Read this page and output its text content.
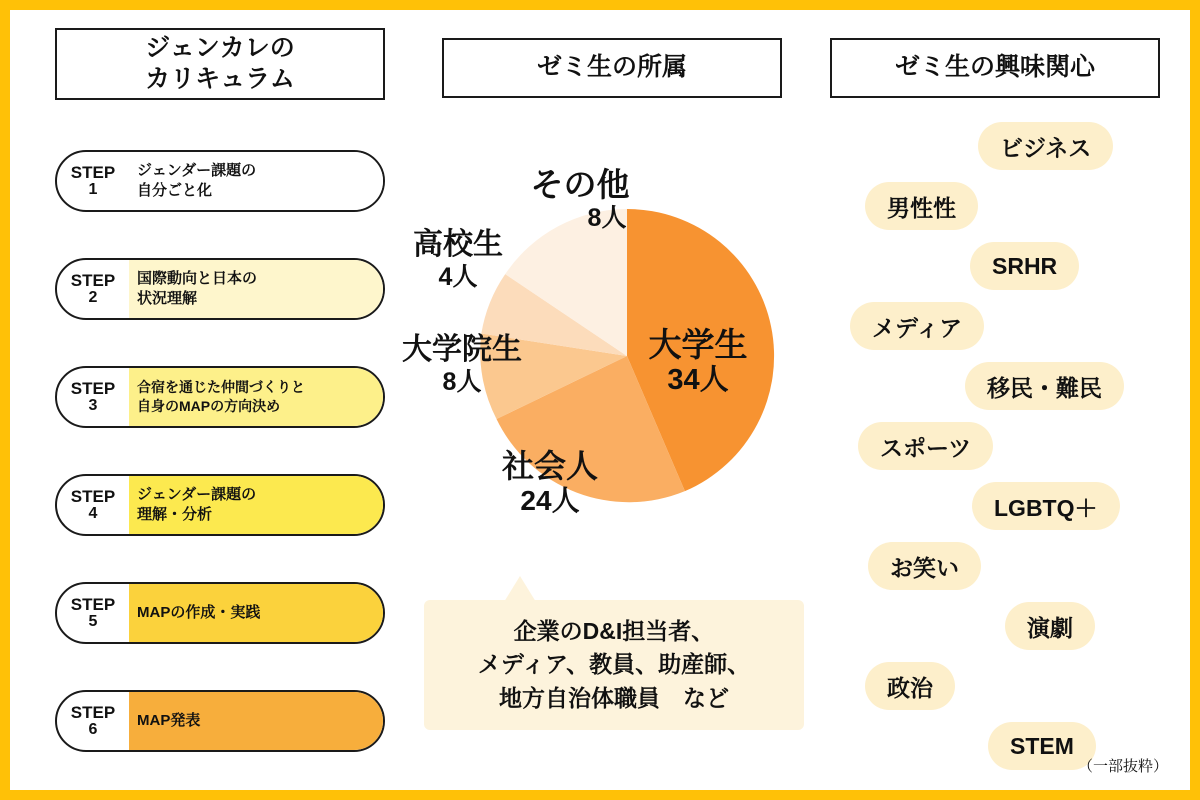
ジェンカレの
カリキュラム	ゼミ生の所属	ゼミ生の興味関心
STEP
1
ジェンダー課題の
自分ごと化
STEP
2
国際動向と日本の
状況理解
STEP
3
合宿を通じた仲間づくりと
自身のMAPの方向決め
STEP
4
ジェンダー課題の
理解・分析
STEP
5
MAPの作成・実践
STEP
6
MAP発表
大学生
34人
社会人
24人
大学院生
8人
高校生
4人
その他
8人
企業のD&I担当者、
メディア、教員、助産師、
地方自治体職員　など
ビジネス
男性性
SRHR
メディア
移民・難民
スポーツ
LGBTQ＋
お笑い
演劇
政治
STEM
（一部抜粋）
